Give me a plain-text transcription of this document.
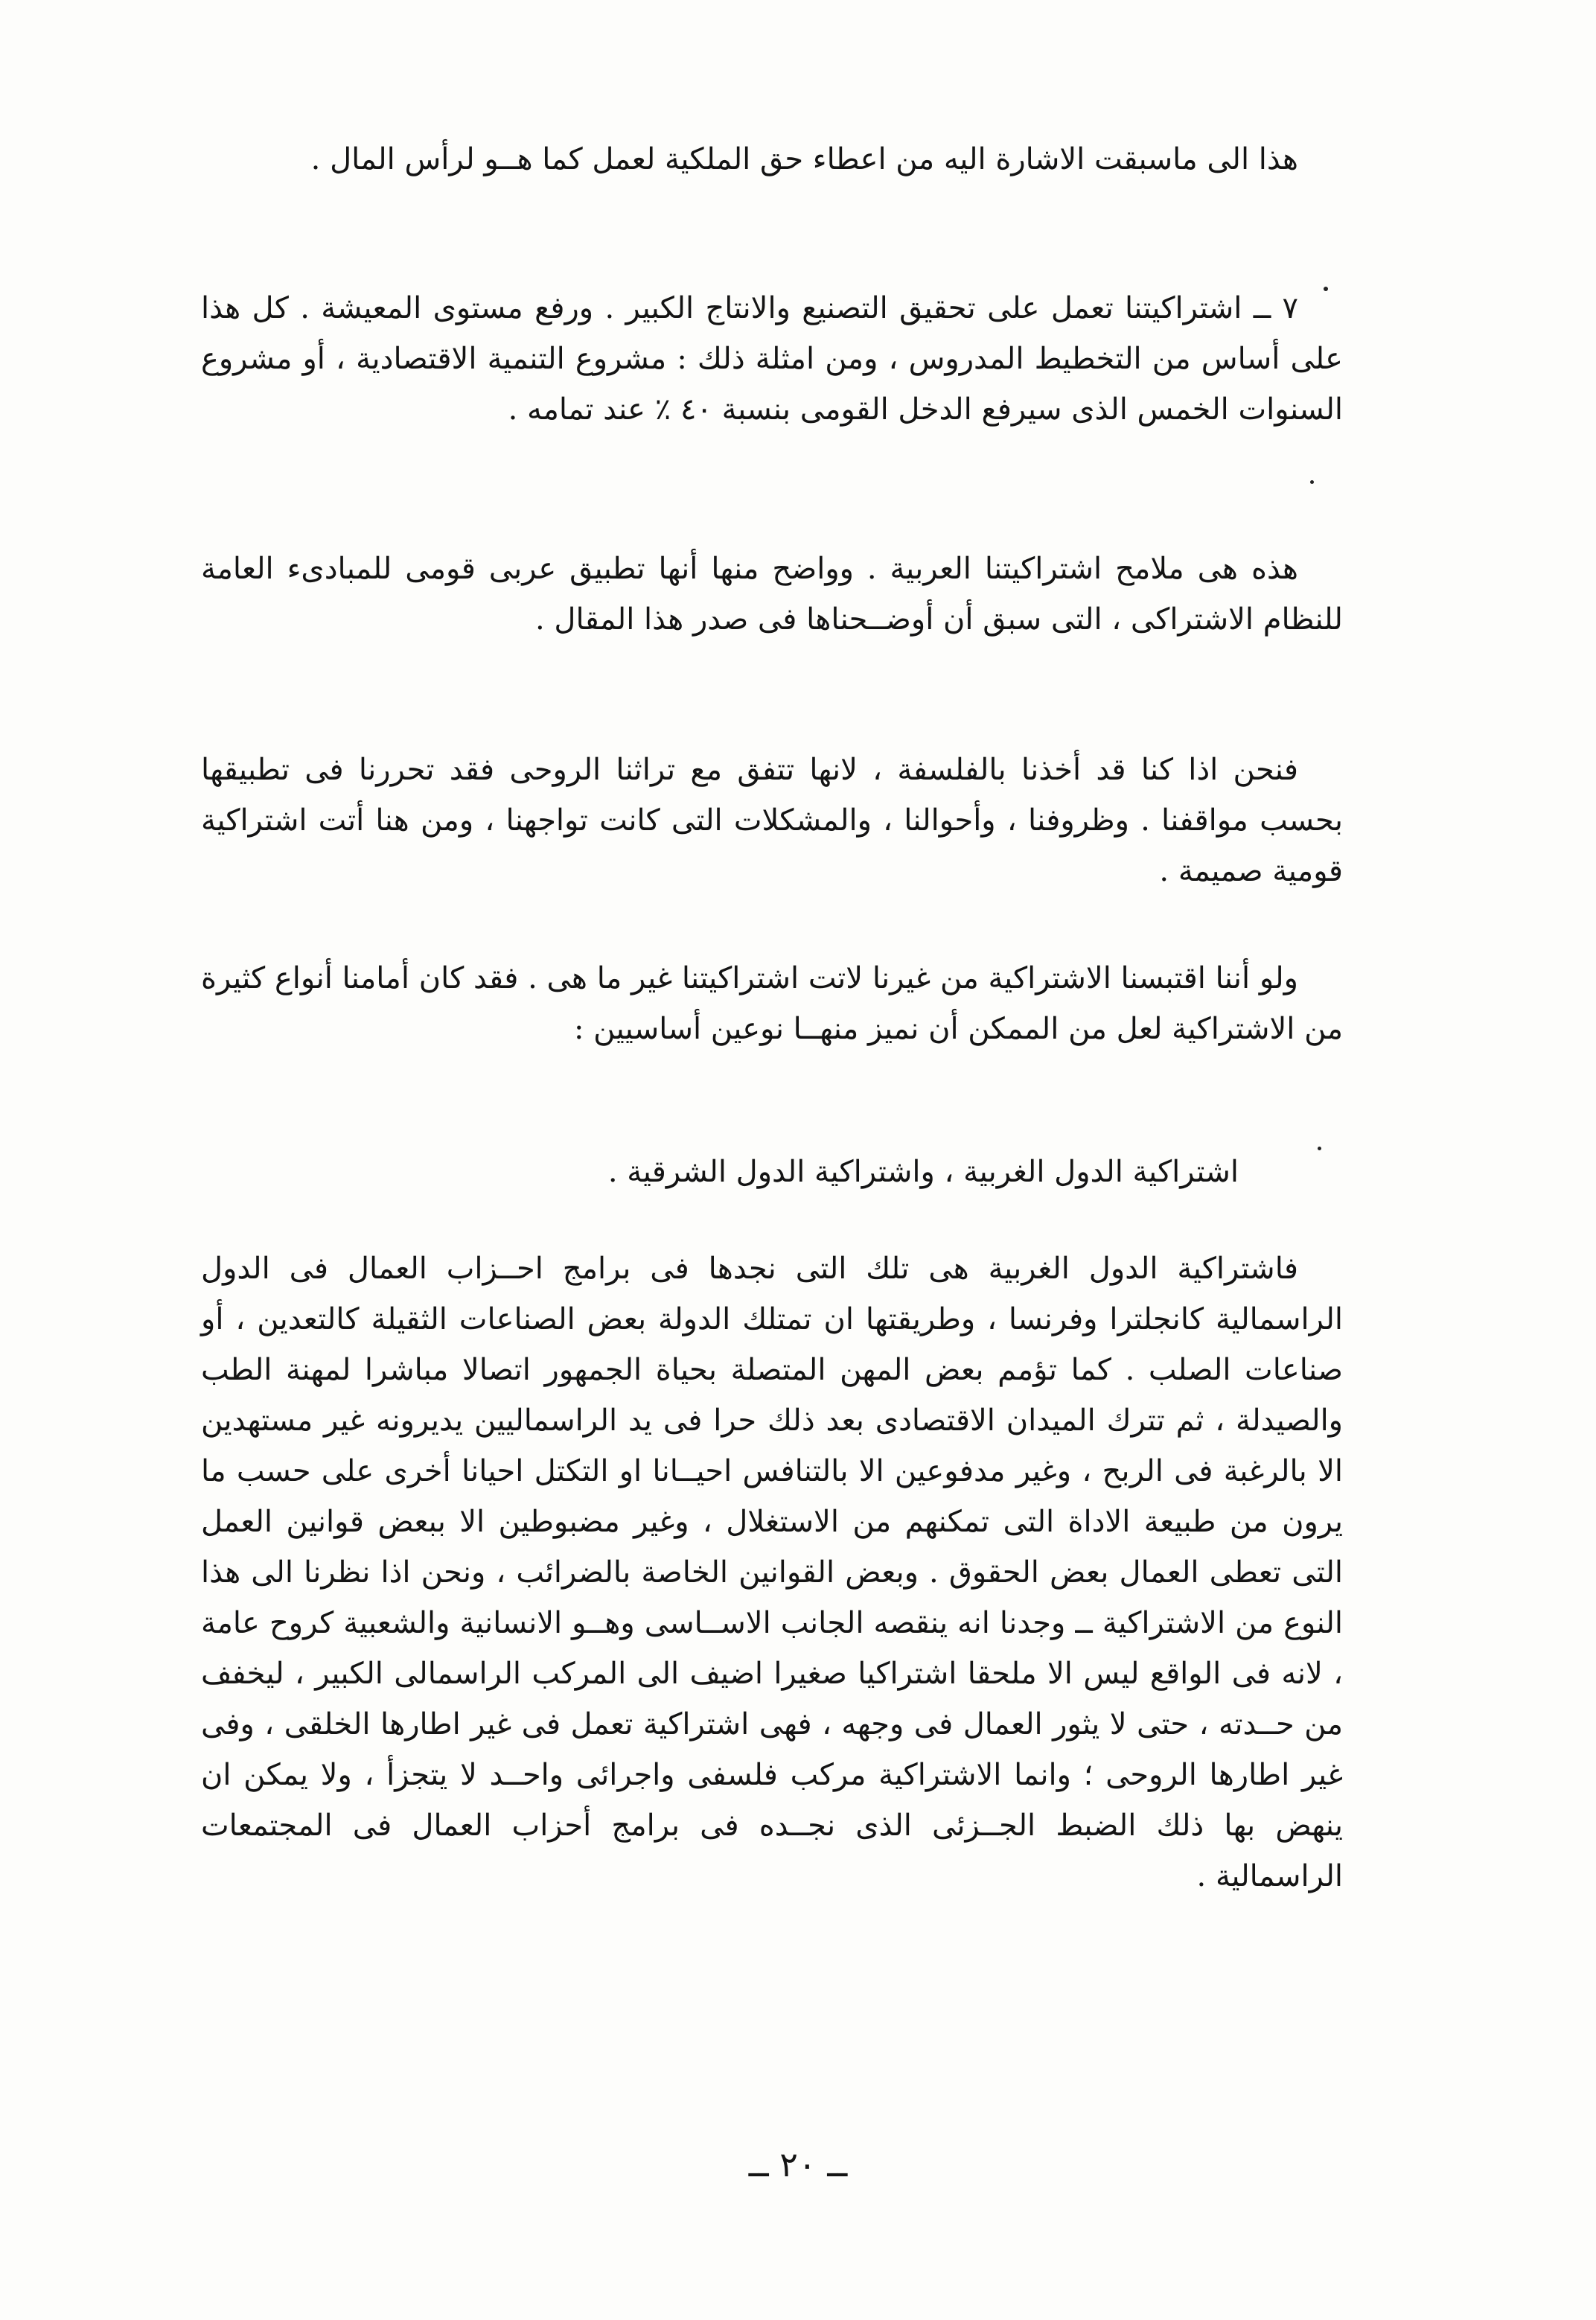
هذا الى ماسبقت الاشارة اليه من اعطاء حق الملكية لعمل كما هــو لرأس المال .

٧ ــ اشتراكيتنا تعمل على تحقيق التصنيع والانتاج الكبير . ورفع مستوى المعيشة . كل هذا على أساس من التخطيط المدروس ، ومن امثلة ذلك : مشروع التنمية الاقتصادية ، أو مشروع السنوات الخمس الذى سيرفع الدخل القومى بنسبة ٤٠ ٪ عند تمامه .

هذه هى ملامح اشتراكيتنا العربية . وواضح منها أنها تطبيق عربى قومى للمبادىء العامة للنظام الاشتراكى ، التى سبق أن أوضــحناها فى صدر هذا المقال .

فنحن اذا كنا قد أخذنا بالفلسفة ، لانها تتفق مع تراثنا الروحى فقد تحررنا فى تطبيقها بحسب مواقفنا . وظروفنا ، وأحوالنا ، والمشكلات التى كانت تواجهنا ، ومن هنا أتت اشتراكية قومية صميمة .

ولو أننا اقتبسنا الاشتراكية من غيرنا لاتت اشتراكيتنا غير ما هى . فقد كان أمامنا أنواع كثيرة من الاشتراكية لعل من الممكن أن نميز منهــا نوعين أساسيين :

اشتراكية الدول الغربية ، واشتراكية الدول الشرقية .

فاشتراكية الدول الغربية هى تلك التى نجدها فى برامج احــزاب العمال فى الدول الراسمالية كانجلترا وفرنسا ، وطريقتها ان تمتلك الدولة بعض الصناعات الثقيلة كالتعدين ، أو صناعات الصلب . كما تؤمم بعض المهن المتصلة بحياة الجمهور اتصالا مباشرا لمهنة الطب والصيدلة ، ثم تترك الميدان الاقتصادى بعد ذلك حرا فى يد الراسماليين يديرونه غير مستهدين الا بالرغبة فى الربح ، وغير مدفوعين الا بالتنافس احيــانا او التكتل احيانا أخرى على حسب ما يرون من طبيعة الاداة التى تمكنهم من الاستغلال ، وغير مضبوطين الا ببعض قوانين العمل التى تعطى العمال بعض الحقوق . وبعض القوانين الخاصة بالضرائب ، ونحن اذا نظرنا الى هذا النوع من الاشتراكية ــ وجدنا انه ينقصه الجانب الاســاسى وهــو الانسانية والشعبية كروح عامة ، لانه فى الواقع ليس الا ملحقا اشتراكيا صغيرا اضيف الى المركب الراسمالى الكبير ، ليخفف من حــدته ، حتى لا يثور العمال فى وجهه ، فهى اشتراكية تعمل فى غير اطارها الخلقى ، وفى غير اطارها الروحى ؛ وانما الاشتراكية مركب فلسفى واجرائى واحــد لا يتجزأ ، ولا يمكن ان ينهض بها ذلك الضبط الجــزئى الذى نجــده فى برامج أحزاب العمال فى المجتمعات الراسمالية .

ــ ٢٠ ــ
